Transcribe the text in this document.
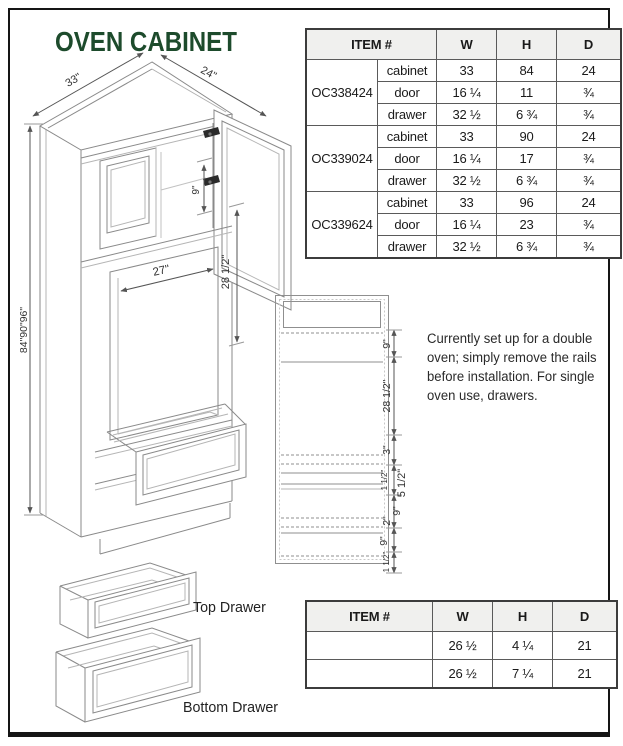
OVEN CABINET
33"	24"
84"90"96"
9"
27"	28 1/2"
9"
28 1/2"
3"
1 1/2" 5 1/2"
9"
2"
9"
1 1/2"
ITEM #		W	H	D
OC338424	cabinet	33	84	24
	door	16 ¼	11	¾
	drawer	32 ½	6 ¾	¾
OC339024	cabinet	33	90	24
	door	16 ¼	17	¾
	drawer	32 ½	6 ¾	¾
OC339624	cabinet	33	96	24
	door	16 ¼	23	¾
	drawer	32 ½	6 ¾	¾
Currently set up for a double
oven; simply remove the rails
before installation. For single
oven use, drawers.
Top Drawer
Bottom Drawer
ITEM #	W	H	D
	26 ½	4 ¼	21
	26 ½	7 ¼	21
